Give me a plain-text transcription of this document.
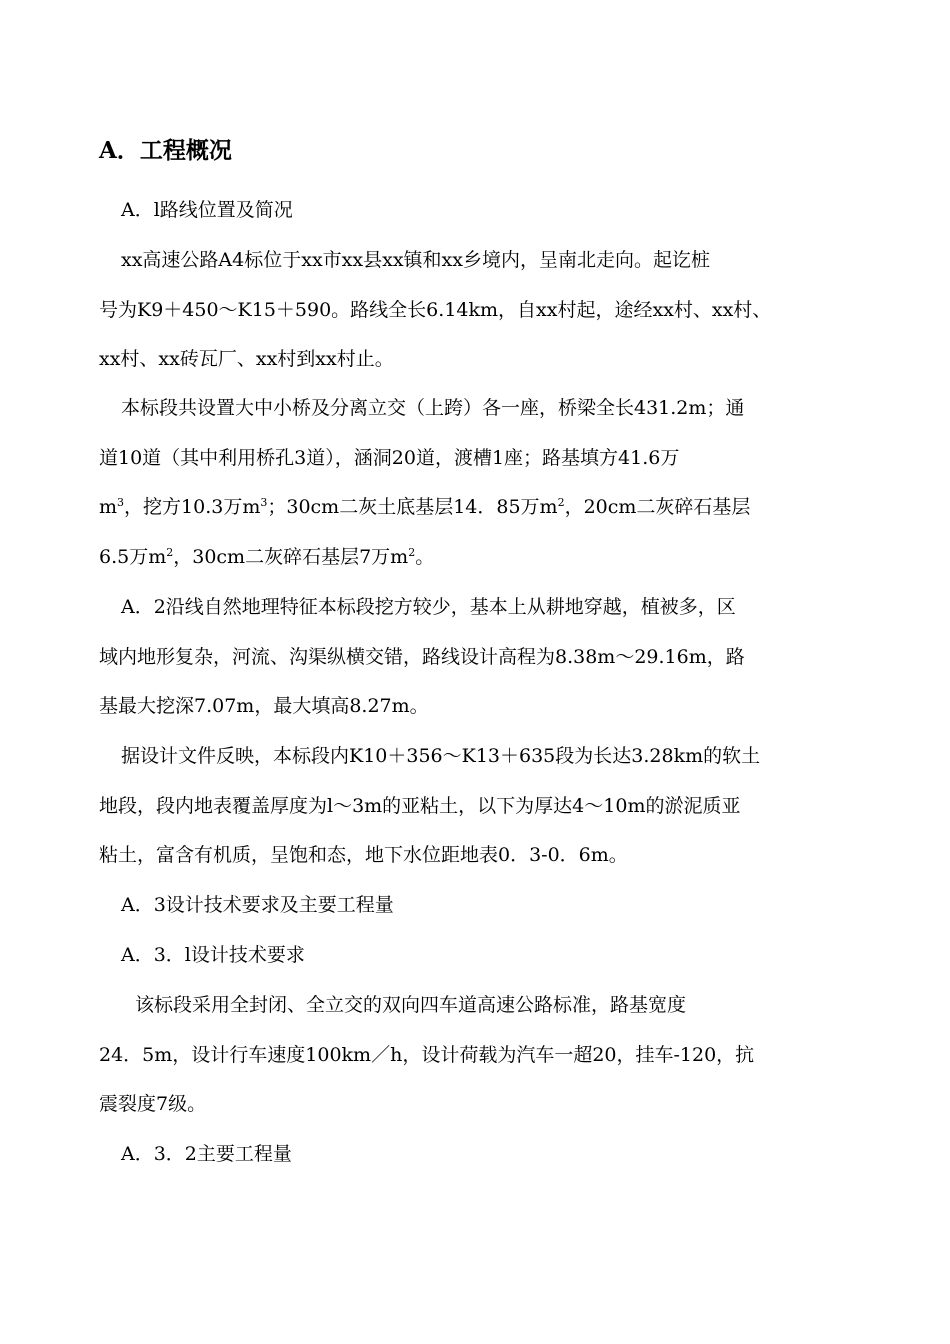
A．工程概况
A．l路线位置及简况
xx高速公路A4标位于xx市xx县xx镇和xx乡境内，呈南北走向。起讫桩
号为K9＋450～K15＋590。路线全长6.14km，自xx村起，途经xx村、xx村、
xx村、xx砖瓦厂、xx村到xx村止。
本标段共设置大中小桥及分离立交（上跨）各一座，桥梁全长431.2m；通
道10道（其中利用桥孔3道），涵洞20道，渡槽1座；路基填方41.6万
$m^3$，挖方10.3万$m^3$；30cm二灰土底基层14．85万$m^2$，20cm二灰碎石基层
6.5万$m^2$，30cm二灰碎石基层7万$m^2$。
A．2沿线自然地理特征本标段挖方较少，基本上从耕地穿越，植被多，区
域内地形复杂，河流、沟渠纵横交错，路线设计高程为8.38m～29.16m，路
基最大挖深7.07m，最大填高8.27m。
据设计文件反映，本标段内K10＋356～K13＋635段为长达3.28km的软土
地段，段内地表覆盖厚度为l～3m的亚粘土，以下为厚达4～10m的淤泥质亚
粘土，富含有机质，呈饱和态，地下水位距地表0．3-0．6m。
A．3设计技术要求及主要工程量
A．3．l设计技术要求
该标段采用全封闭、全立交的双向四车道高速公路标准，路基宽度
24．5m，设计行车速度100km／h，设计荷载为汽车一超20，挂车-120，抗
震裂度7级。
A．3．2主要工程量
